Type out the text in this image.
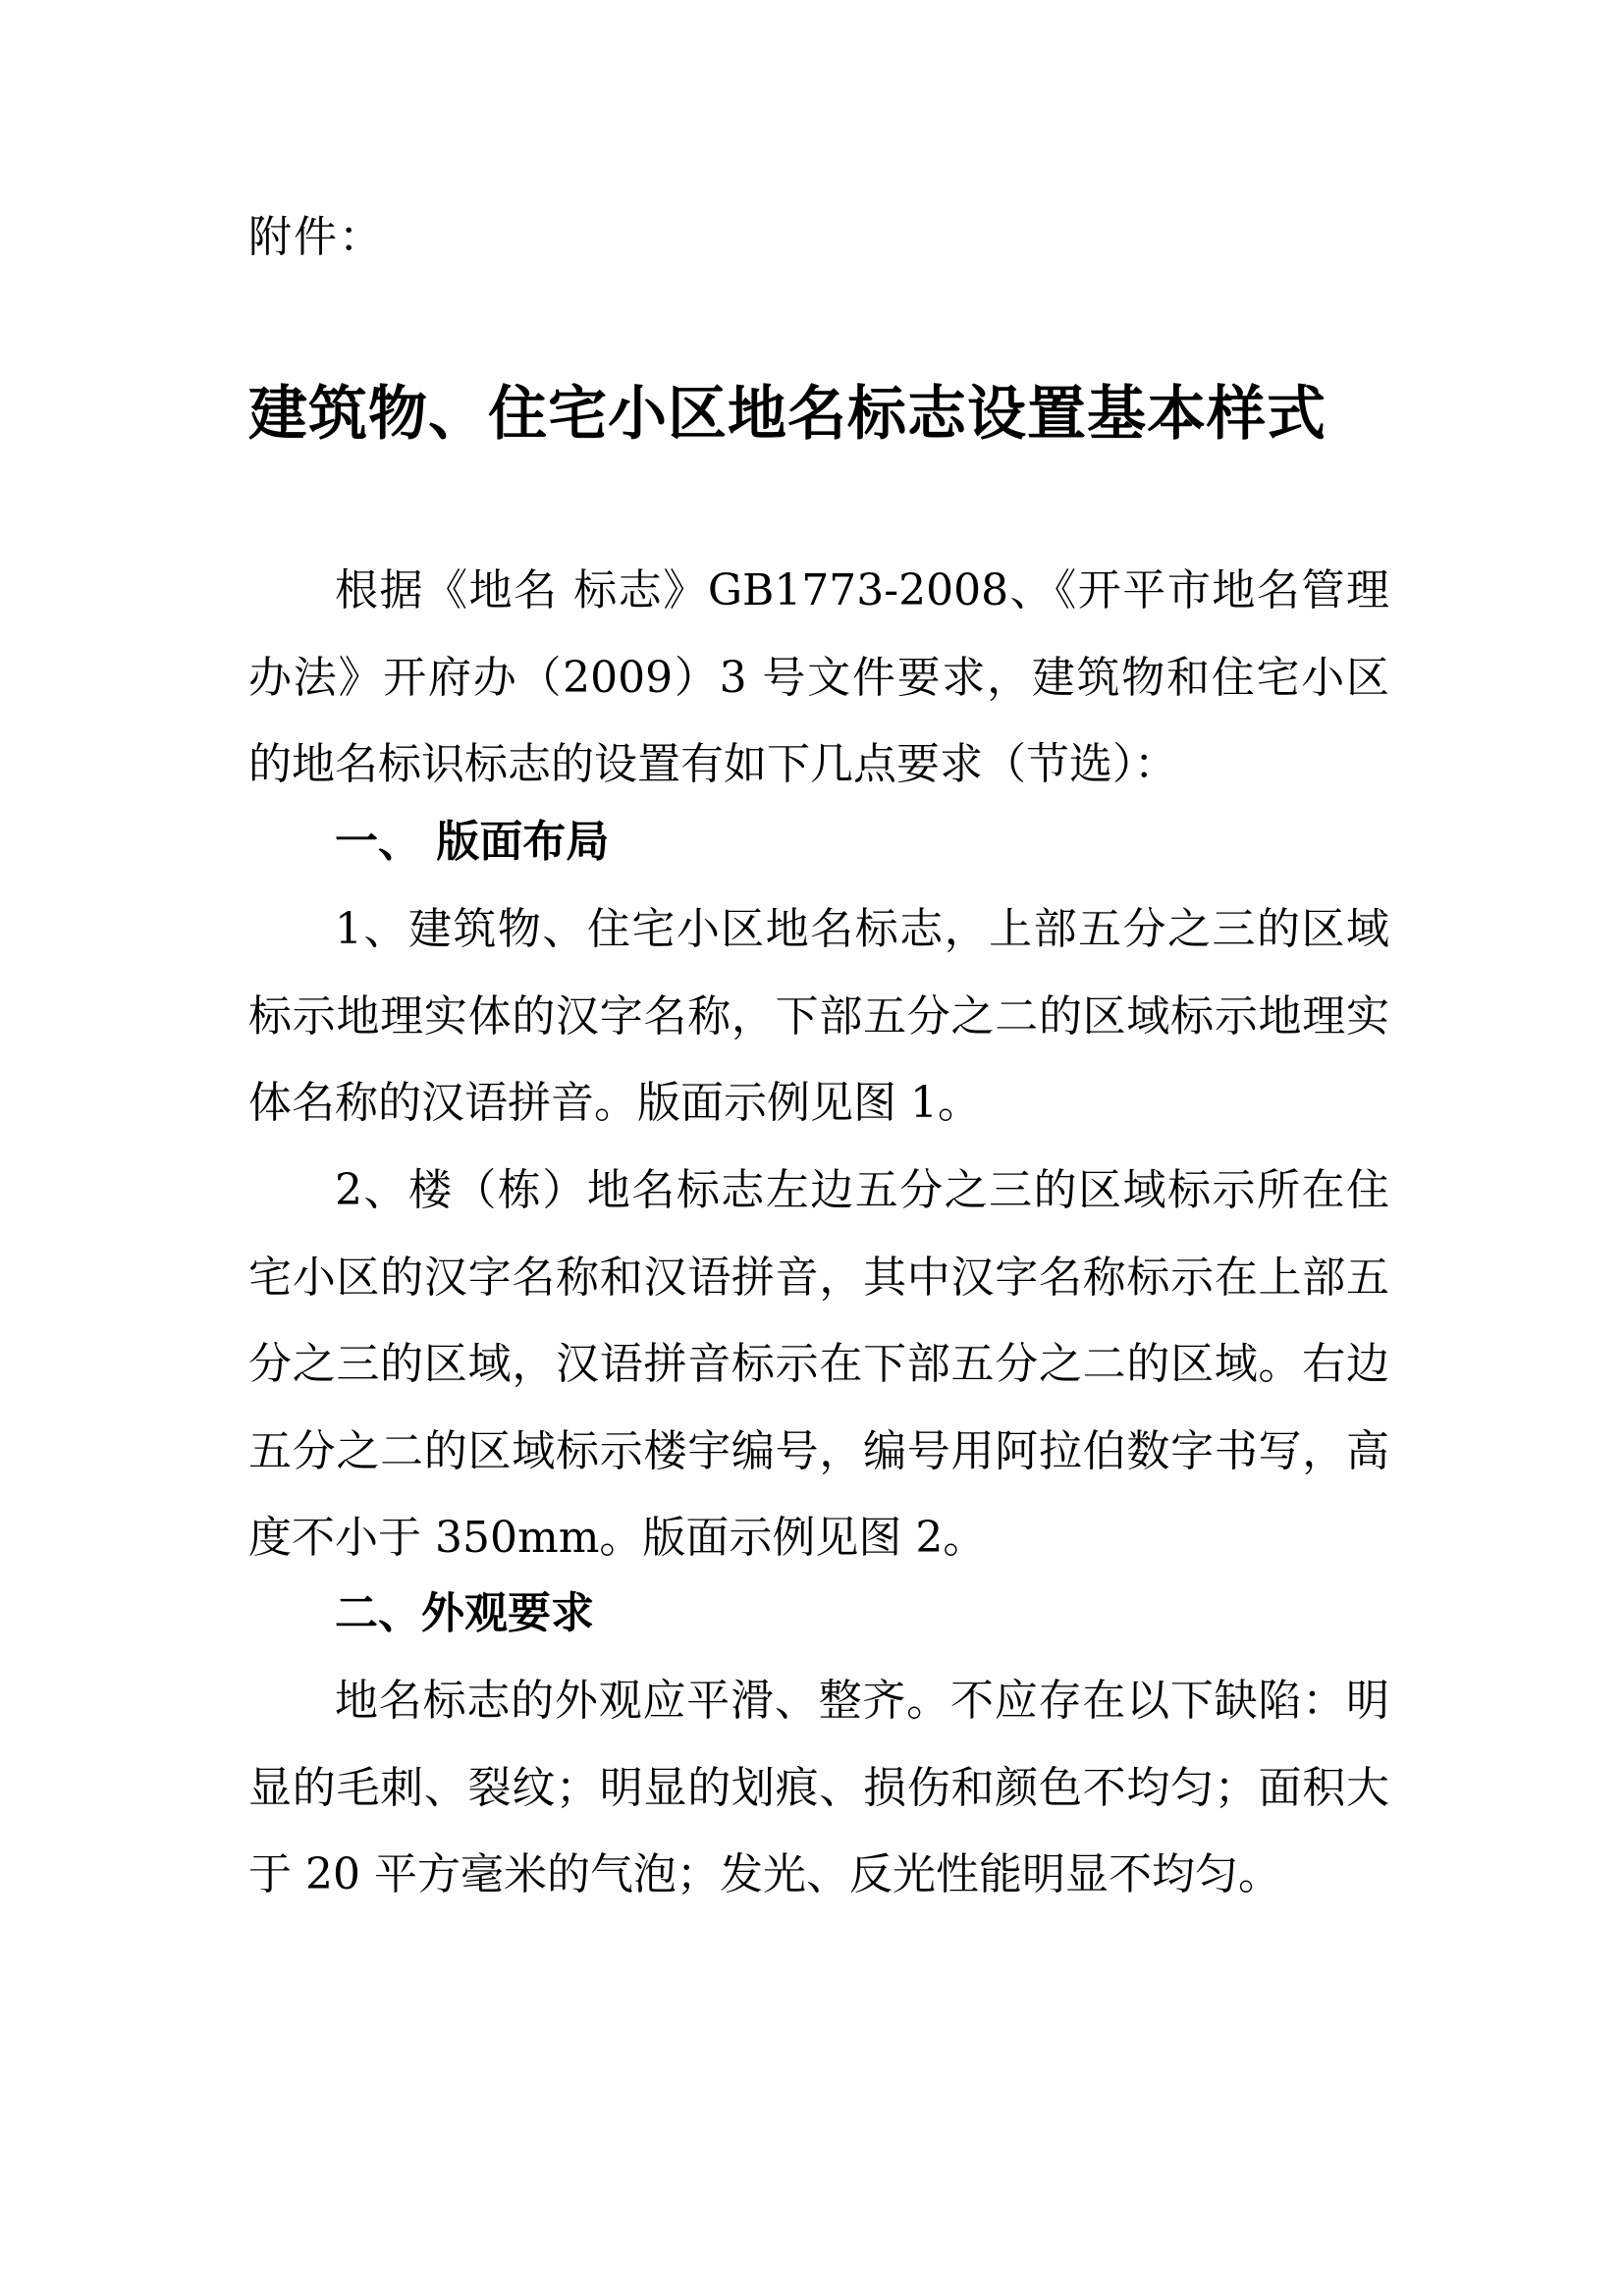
附件：
建筑物、住宅小区地名标志设置基本样式

根据《地名 标志》GB1773-2008、《开平市地名管理办法》开府办（2009）3 号文件要求，建筑物和住宅小区的地名标识标志的设置有如下几点要求（节选）：

一、 版面布局

1、建筑物、住宅小区地名标志，上部五分之三的区域标示地理实体的汉字名称，下部五分之二的区域标示地理实体名称的汉语拼音。版面示例见图 1。

2、楼（栋）地名标志左边五分之三的区域标示所在住宅小区的汉字名称和汉语拼音，其中汉字名称标示在上部五分之三的区域，汉语拼音标示在下部五分之二的区域。右边五分之二的区域标示楼宇编号，编号用阿拉伯数字书写，高度不小于 350mm。版面示例见图 2。

二、外观要求

地名标志的外观应平滑、整齐。不应存在以下缺陷：明显的毛刺、裂纹；明显的划痕、损伤和颜色不均匀；面积大于 20 平方毫米的气泡；发光、反光性能明显不均匀。
